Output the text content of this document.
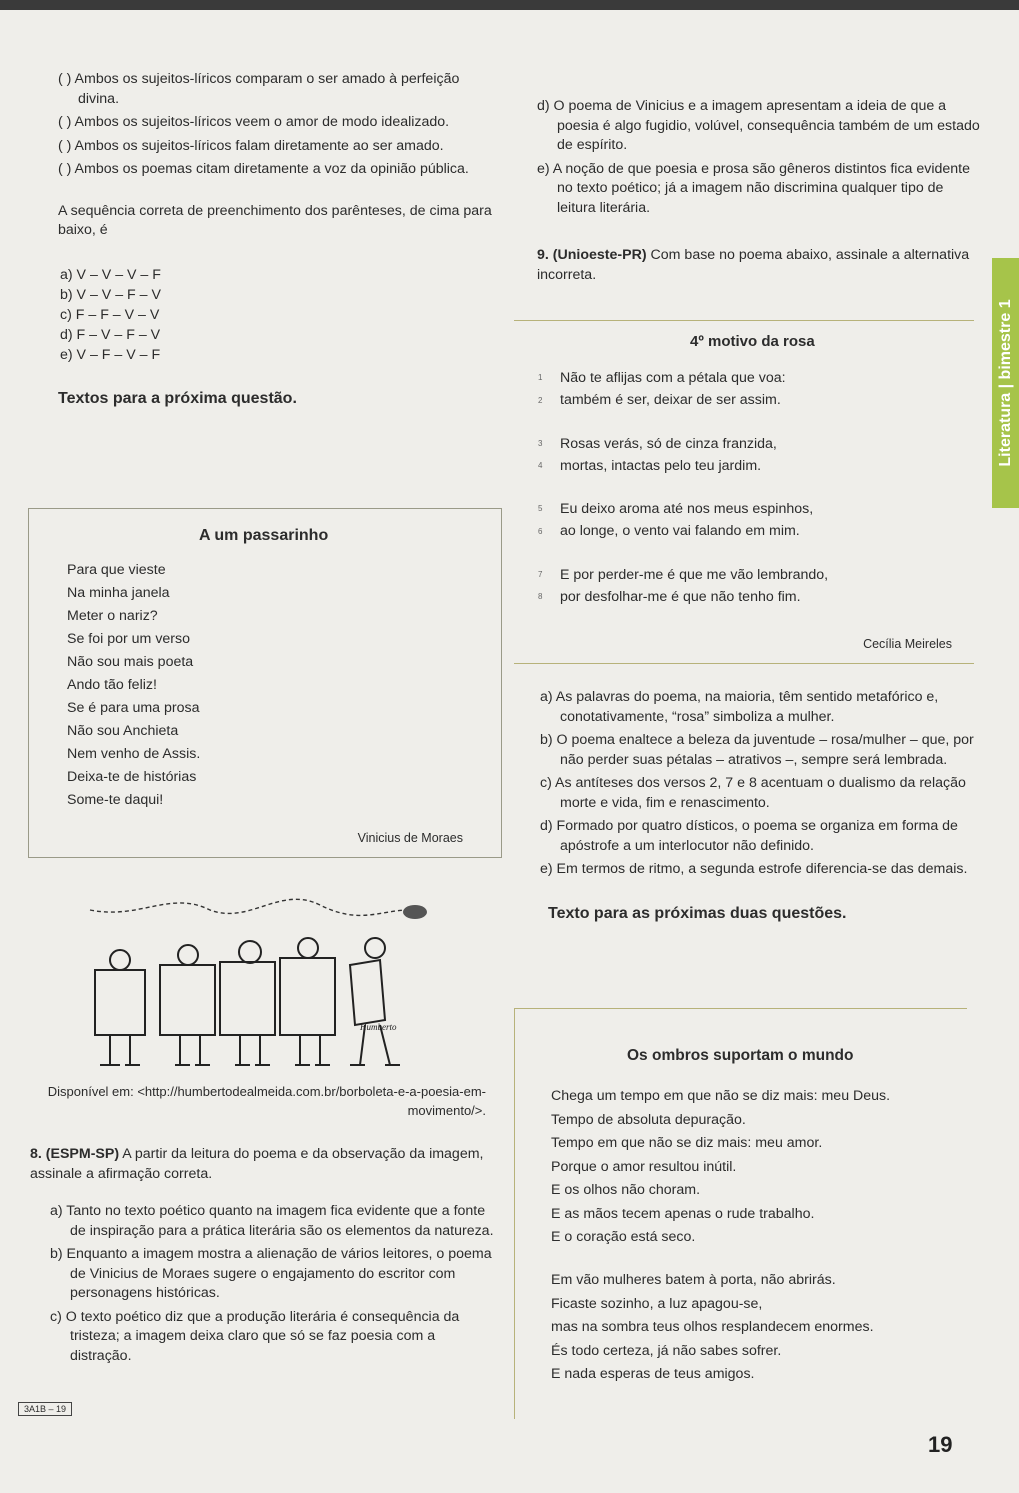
( ) Ambos os sujeitos-líricos comparam o ser amado à perfeição divina.

( ) Ambos os sujeitos-líricos veem o amor de modo idealizado.

( ) Ambos os sujeitos-líricos falam diretamente ao ser amado.

( ) Ambos os poemas citam diretamente a voz da opinião pública.

A sequência correta de preenchimento dos parênteses, de cima para baixo, é

a) V – V – V – F
b) V – V – F – V
c) F – F – V – V
d) F – V – F – V
e) V – F – V – F

Textos para a próxima questão.

A um passarinho
Para que vieste
Na minha janela
Meter o nariz?
Se foi por um verso
Não sou mais poeta
Ando tão feliz!
Se é para uma prosa
Não sou Anchieta
Nem venho de Assis.
Deixa-te de histórias
Some-te daqui!
Vinicius de Moraes
Humberto
Disponível em: <http://humbertodealmeida.com.br/borboleta-e-a-poesia-em-movimento/>.

8. (ESPM-SP) A partir da leitura do poema e da observação da imagem, assinale a afirmação correta.

a) Tanto no texto poético quanto na imagem fica evidente que a fonte de inspiração para a prática literária são os elementos da natureza.

b) Enquanto a imagem mostra a alienação de vários leitores, o poema de Vinicius de Moraes sugere o engajamento do escritor com personagens históricas.

c) O texto poético diz que a produção literária é consequência da tristeza; a imagem deixa claro que só se faz poesia com a distração.

3A1B – 19

d) O poema de Vinicius e a imagem apresentam a ideia de que a poesia é algo fugidio, volúvel, consequência também de um estado de espírito.

e) A noção de que poesia e prosa são gêneros distintos fica evidente no texto poético; já a imagem não discrimina qualquer tipo de leitura literária.

9. (Unioeste-PR) Com base no poema abaixo, assinale a alternativa incorreta.

4º motivo da rosa
1 Não te aflijas com a pétala que voa:
2 também é ser, deixar de ser assim.
3 Rosas verás, só de cinza franzida,
4 mortas, intactas pelo teu jardim.
5 Eu deixo aroma até nos meus espinhos,
6 ao longe, o vento vai falando em mim.
7 E por perder-me é que me vão lembrando,
8 por desfolhar-me é que não tenho fim.
Cecília Meireles

a) As palavras do poema, na maioria, têm sentido metafórico e, conotativamente, “rosa” simboliza a mulher.

b) O poema enaltece a beleza da juventude – rosa/mulher – que, por não perder suas pétalas – atrativos –, sempre será lembrada.

c) As antíteses dos versos 2, 7 e 8 acentuam o dualismo da relação morte e vida, fim e renascimento.

d) Formado por quatro dísticos, o poema se organiza em forma de apóstrofe a um interlocutor não definido.

e) Em termos de ritmo, a segunda estrofe diferencia-se das demais.

Texto para as próximas duas questões.

Os ombros suportam o mundo
Chega um tempo em que não se diz mais: meu Deus.
Tempo de absoluta depuração.
Tempo em que não se diz mais: meu amor.
Porque o amor resultou inútil.
E os olhos não choram.
E as mãos tecem apenas o rude trabalho.
E o coração está seco.
Em vão mulheres batem à porta, não abrirás.
Ficaste sozinho, a luz apagou-se,
mas na sombra teus olhos resplandecem enormes.
És todo certeza, já não sabes sofrer.
E nada esperas de teus amigos.
Literatura | bimestre 1
19
